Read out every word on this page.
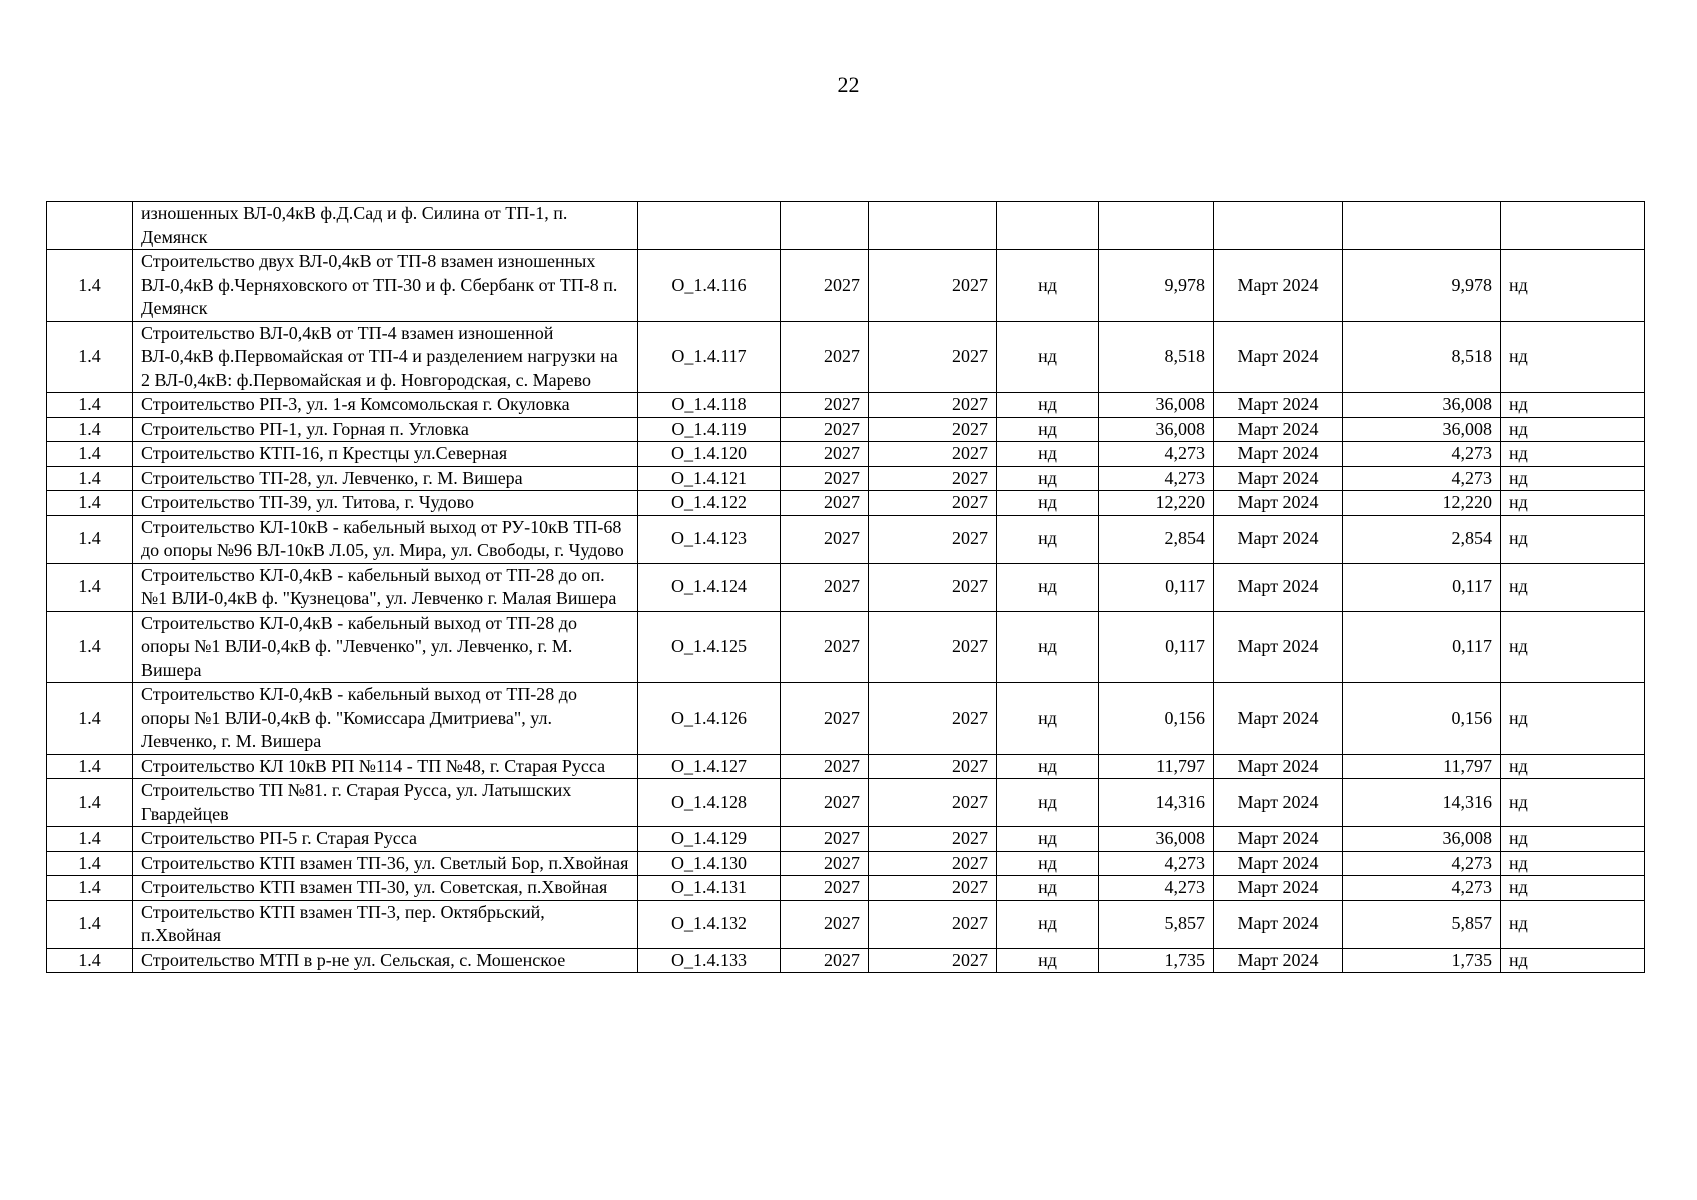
22
	изношенных ВЛ-0,4кВ ф.Д.Сад и ф. Силина от ТП-1, п. Демянск								
1.4	Строительство двух ВЛ-0,4кВ от ТП-8 взамен изношенных ВЛ-0,4кВ ф.Черняховского от ТП-30 и ф. Сбербанк от ТП-8 п. Демянск	О_1.4.116	2027	2027	нд	9,978	Март 2024	9,978	нд
1.4	Строительство ВЛ-0,4кВ от ТП-4 взамен изношенной ВЛ-0,4кВ ф.Первомайская от ТП-4 и разделением нагрузки на 2 ВЛ-0,4кВ: ф.Первомайская и ф. Новгородская, с. Марево	О_1.4.117	2027	2027	нд	8,518	Март 2024	8,518	нд
1.4	Строительство РП-3, ул. 1-я Комсомольская г. Окуловка	О_1.4.118	2027	2027	нд	36,008	Март 2024	36,008	нд
1.4	Строительство РП-1, ул. Горная п. Угловка	О_1.4.119	2027	2027	нд	36,008	Март 2024	36,008	нд
1.4	Строительство КТП-16, п Крестцы ул.Северная	О_1.4.120	2027	2027	нд	4,273	Март 2024	4,273	нд
1.4	Строительство ТП-28, ул. Левченко, г. М. Вишера	О_1.4.121	2027	2027	нд	4,273	Март 2024	4,273	нд
1.4	Строительство ТП-39, ул. Титова, г. Чудово	О_1.4.122	2027	2027	нд	12,220	Март 2024	12,220	нд
1.4	Строительство КЛ-10кВ - кабельный выход от РУ-10кВ ТП-68 до опоры №96 ВЛ-10кВ Л.05, ул. Мира, ул. Свободы, г. Чудово	О_1.4.123	2027	2027	нд	2,854	Март 2024	2,854	нд
1.4	Строительство КЛ-0,4кВ - кабельный выход от ТП-28 до оп. №1 ВЛИ-0,4кВ ф. "Кузнецова", ул. Левченко г. Малая Вишера	О_1.4.124	2027	2027	нд	0,117	Март 2024	0,117	нд
1.4	Строительство КЛ-0,4кВ - кабельный выход от ТП-28 до опоры №1 ВЛИ-0,4кВ ф. "Левченко", ул. Левченко, г. М. Вишера	О_1.4.125	2027	2027	нд	0,117	Март 2024	0,117	нд
1.4	Строительство КЛ-0,4кВ - кабельный выход от ТП-28 до опоры №1 ВЛИ-0,4кВ ф. "Комиссара Дмитриева", ул. Левченко, г. М. Вишера	О_1.4.126	2027	2027	нд	0,156	Март 2024	0,156	нд
1.4	Строительство КЛ 10кВ РП №114 - ТП №48, г. Старая Русса	О_1.4.127	2027	2027	нд	11,797	Март 2024	11,797	нд
1.4	Строительство ТП №81. г. Старая Русса, ул. Латышских Гвардейцев	О_1.4.128	2027	2027	нд	14,316	Март 2024	14,316	нд
1.4	Строительство РП-5 г. Старая Русса	О_1.4.129	2027	2027	нд	36,008	Март 2024	36,008	нд
1.4	Строительство КТП взамен ТП-36, ул. Светлый Бор, п.Хвойная	О_1.4.130	2027	2027	нд	4,273	Март 2024	4,273	нд
1.4	Строительство КТП взамен ТП-30, ул. Советская, п.Хвойная	О_1.4.131	2027	2027	нд	4,273	Март 2024	4,273	нд
1.4	Строительство КТП взамен ТП-3, пер. Октябрьский, п.Хвойная	О_1.4.132	2027	2027	нд	5,857	Март 2024	5,857	нд
1.4	Строительство МТП в р-не ул. Сельская, с. Мошенское	О_1.4.133	2027	2027	нд	1,735	Март 2024	1,735	нд
